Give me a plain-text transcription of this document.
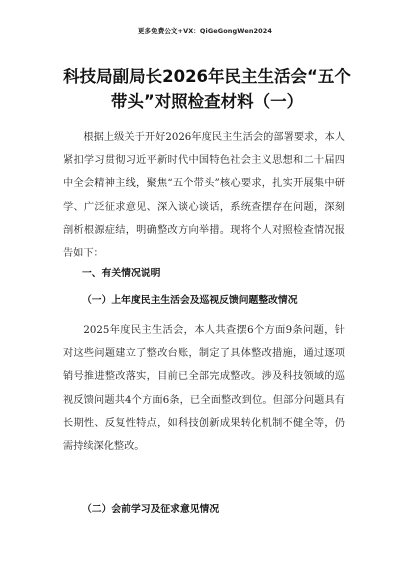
更多免费公文+VX：QiGeGongWen2024
科技局副局长2026年民主生活会“五个带头”对照检查材料（一）
根据上级关于开好2026年度民主生活会的部署要求，本人紧扣学习贯彻习近平新时代中国特色社会主义思想和二十届四中全会精神主线，聚焦“五个带头”核心要求，扎实开展集中研学、广泛征求意见、深入谈心谈话，系统查摆存在问题，深刻剖析根源症结，明确整改方向举措。现将个人对照检查情况报告如下：
一、有关情况说明
（一）上年度民主生活会及巡视反馈问题整改情况
2025年度民主生活会，本人共查摆6个方面9条问题，针对这些问题建立了整改台账，制定了具体整改措施，通过逐项销号推进整改落实，目前已全部完成整改。涉及科技领域的巡视反馈问题共4个方面6条，已全面整改到位。但部分问题具有长期性、反复性特点，如科技创新成果转化机制不健全等，仍需持续深化整改。
（二）会前学习及征求意见情况
